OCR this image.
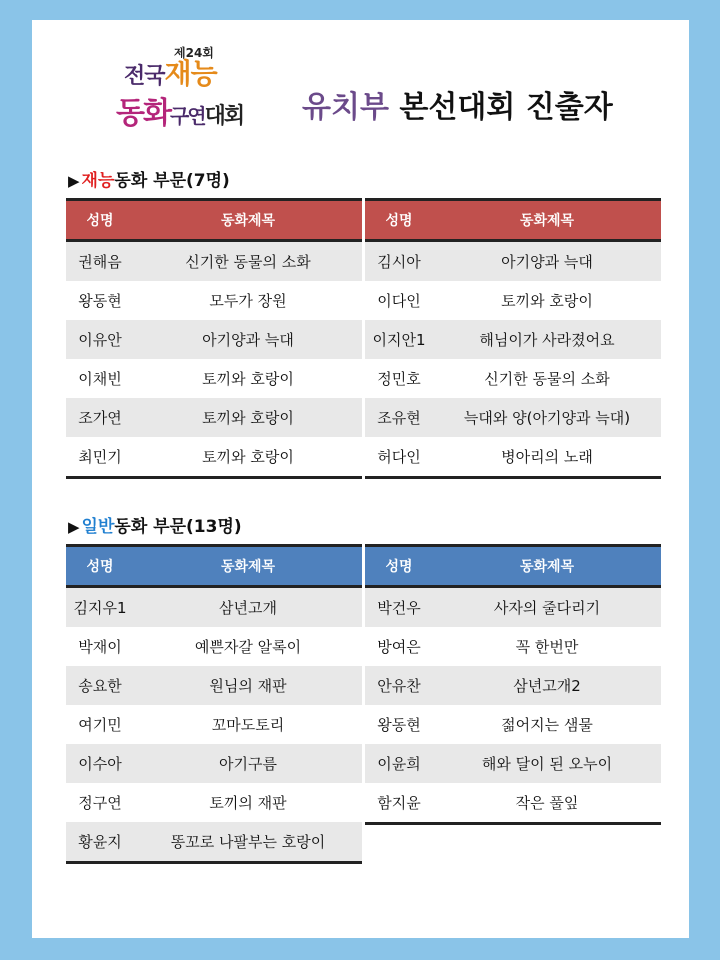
제24회
전국재능
동화구연대회 유치부 본선대회 진출자
▶ 재능동화 부문(7명)
성명	동화제목
권해음	신기한 동물의 소화
왕동현	모두가 장원
이유안	아기양과 늑대
이채빈	토끼와 호랑이
조가연	토끼와 호랑이
최민기	토끼와 호랑이
성명	동화제목
김시아	아기양과 늑대
이다인	토끼와 호랑이
이지안1	해님이가 사라졌어요
정민호	신기한 동물의 소화
조유현	늑대와 양(아기양과 늑대)
허다인	병아리의 노래
▶ 일반동화 부문(13명)
성명	동화제목
김지우1	삼년고개
박재이	예쁜자갈 알록이
송요한	원님의 재판
여기민	꼬마도토리
이수아	아기구름
정구연	토끼의 재판
황윤지	똥꼬로 나팔부는 호랑이
성명	동화제목
박건우	사자의 줄다리기
방여은	꼭 한번만
안유찬	삼년고개2
왕동현	젊어지는 샘물
이윤희	해와 달이 된 오누이
함지윤	작은 풀잎
